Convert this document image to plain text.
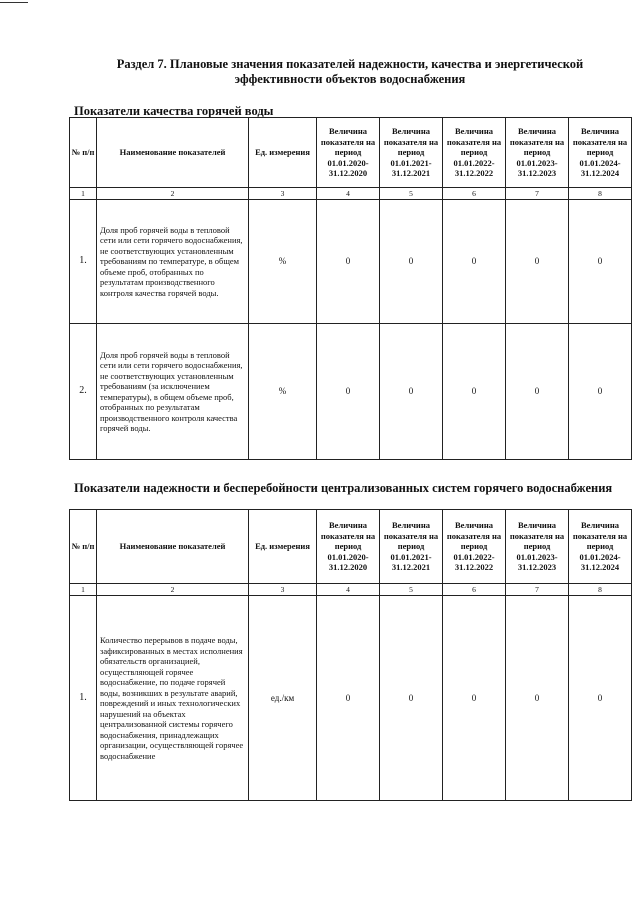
Раздел 7. Плановые значения показателей надежности, качества и энергетической
эффективности объектов водоснабжения
Показатели качества горячей воды
№ п/п	Наименование показателей	Ед. измерения	Величина показателя на период 01.01.2020-31.12.2020	Величина показателя на период 01.01.2021-31.12.2021	Величина показателя на период 01.01.2022-31.12.2022	Величина показателя на период 01.01.2023-31.12.2023	Величина показателя на период 01.01.2024-31.12.2024
1	2	3	4	5	6	7	8
1.	Доля проб горячей воды в тепловой сети или сети горячего водоснабжения, не соответствующих установленным требованиям по температуре, в общем объеме проб, отобранных по результатам производственного контроля качества горячей воды.	%	0	0	0	0	0
2.	Доля проб горячей воды в тепловой сети или сети горячего водоснабжения, не соответствующих установленным требованиям (за исключением температуры), в общем объеме проб, отобранных по результатам производственного контроля качества горячей воды.	%	0	0	0	0	0
Показатели надежности и бесперебойности централизованных систем горячего водоснабжения
№ п/п	Наименование показателей	Ед. измерения	Величина показателя на период 01.01.2020-31.12.2020	Величина показателя на период 01.01.2021-31.12.2021	Величина показателя на период 01.01.2022-31.12.2022	Величина показателя на период 01.01.2023-31.12.2023	Величина показателя на период 01.01.2024-31.12.2024
1	2	3	4	5	6	7	8
1.	Количество перерывов в подаче воды, зафиксированных в местах исполнения обязательств организацией, осуществляющей горячее водоснабжение, по подаче горячей воды, возникших в результате аварий, повреждений и иных технологических нарушений на объектах централизованной системы горячего водоснабжения, принадлежащих организации, осуществляющей горячее водоснабжение	ед./км	0	0	0	0	0
